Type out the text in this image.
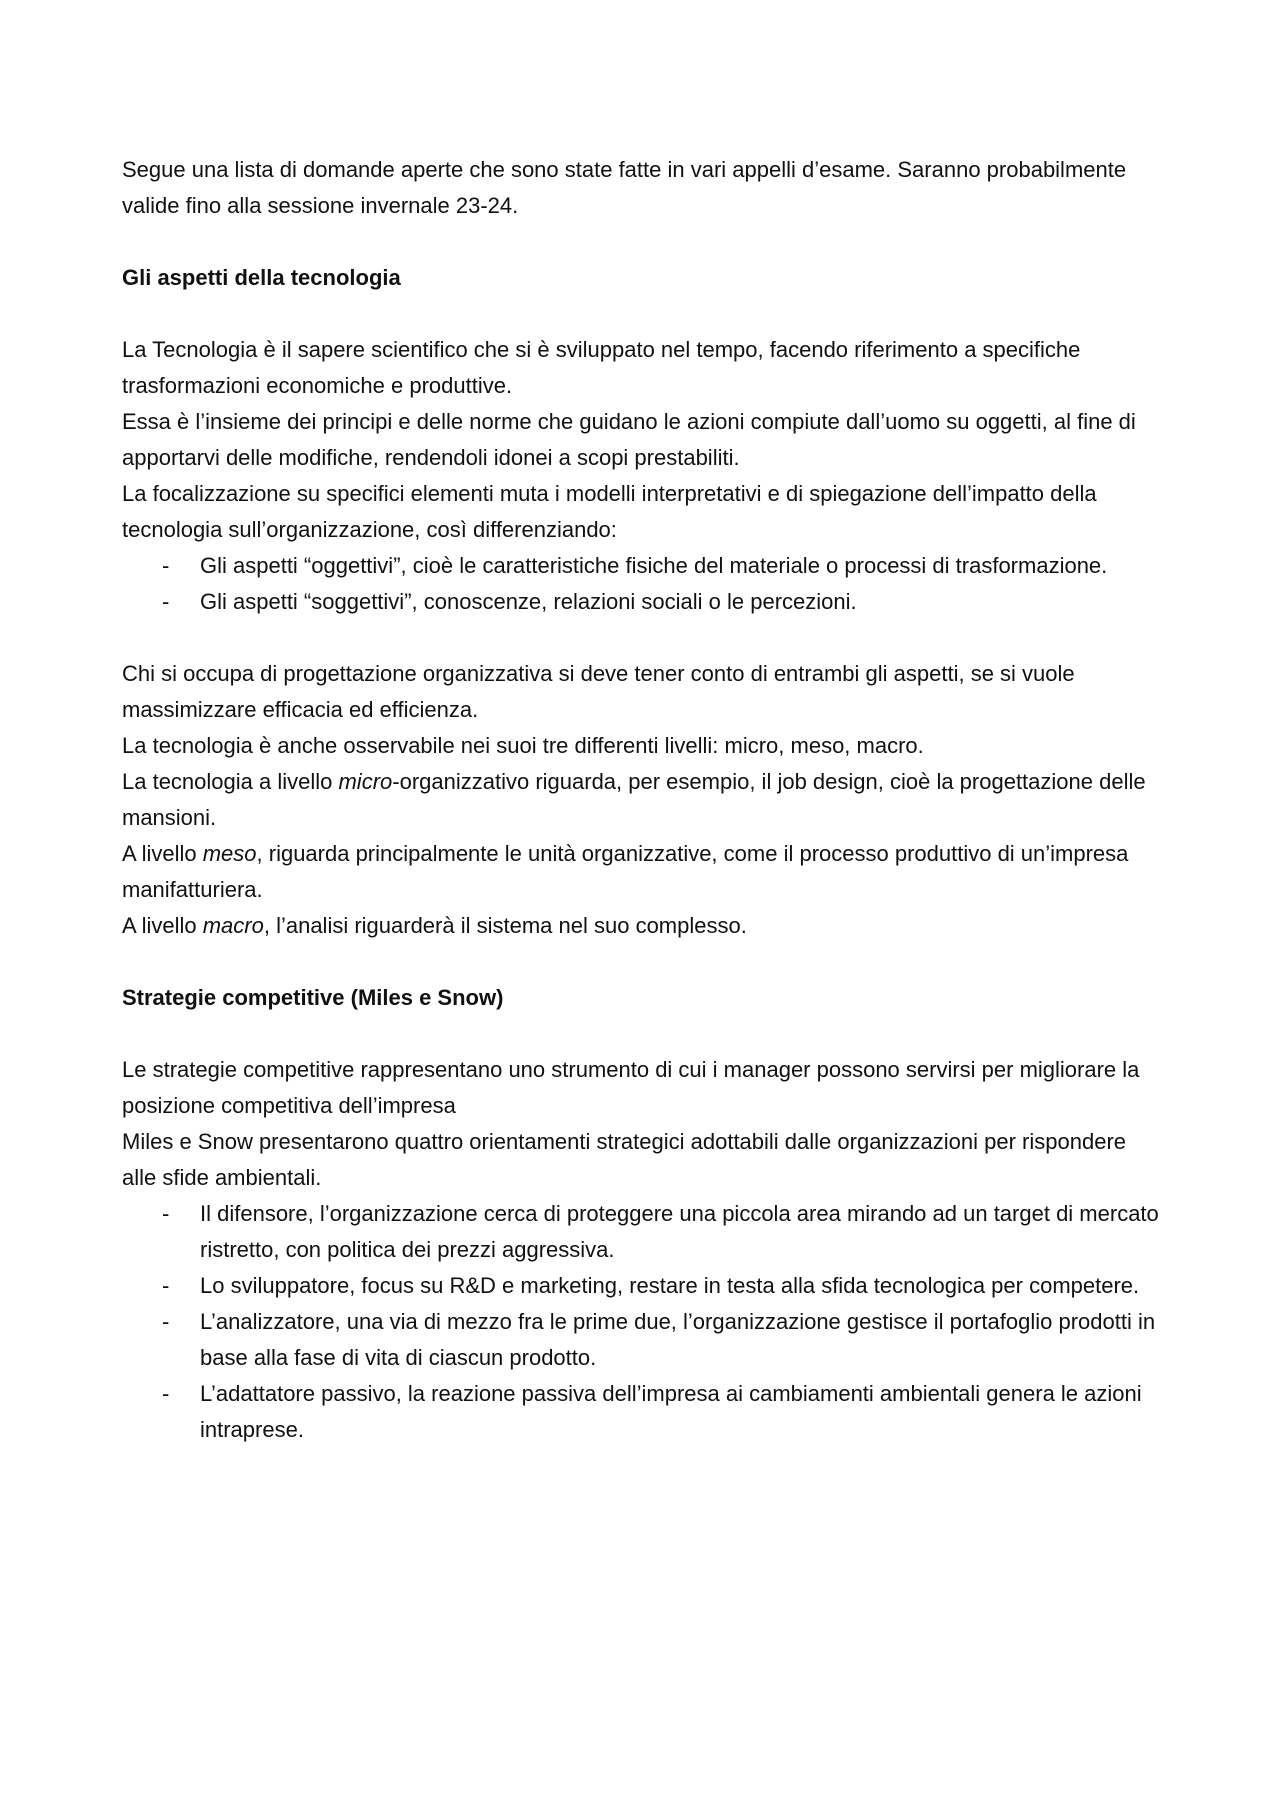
Segue una lista di domande aperte che sono state fatte in vari appelli d’esame. Saranno probabilmente valide fino alla sessione invernale 23-24.

Gli aspetti della tecnologia

La Tecnologia è il sapere scientifico che si è sviluppato nel tempo, facendo riferimento a specifiche trasformazioni economiche e produttive.

Essa è l’insieme dei principi e delle norme che guidano le azioni compiute dall’uomo su oggetti, al fine di apportarvi delle modifiche, rendendoli idonei a scopi prestabiliti.

La focalizzazione su specifici elementi muta i modelli interpretativi e di spiegazione dell’impatto della tecnologia sull’organizzazione, così differenziando:

- Gli aspetti “oggettivi”, cioè le caratteristiche fisiche del materiale o processi di trasformazione.
- Gli aspetti “soggettivi”, conoscenze, relazioni sociali o le percezioni.

Chi si occupa di progettazione organizzativa si deve tener conto di entrambi gli aspetti, se si vuole massimizzare efficacia ed efficienza.

La tecnologia è anche osservabile nei suoi tre differenti livelli: micro, meso, macro.

La tecnologia a livello micro-organizzativo riguarda, per esempio, il job design, cioè la progettazione delle mansioni.

A livello meso, riguarda principalmente le unità organizzative, come il processo produttivo di un’impresa manifatturiera.

A livello macro, l’analisi riguarderà il sistema nel suo complesso.

Strategie competitive (Miles e Snow)

Le strategie competitive rappresentano uno strumento di cui i manager possono servirsi per migliorare la posizione competitiva dell’impresa

Miles e Snow presentarono quattro orientamenti strategici adottabili dalle organizzazioni per rispondere alle sfide ambientali.

- Il difensore, l’organizzazione cerca di proteggere una piccola area mirando ad un target di mercato ristretto, con politica dei prezzi aggressiva.
- Lo sviluppatore, focus su R&D e marketing, restare in testa alla sfida tecnologica per competere.
- L’analizzatore, una via di mezzo fra le prime due, l’organizzazione gestisce il portafoglio prodotti in base alla fase di vita di ciascun prodotto.
- L’adattatore passivo, la reazione passiva dell’impresa ai cambiamenti ambientali genera le azioni intraprese.
